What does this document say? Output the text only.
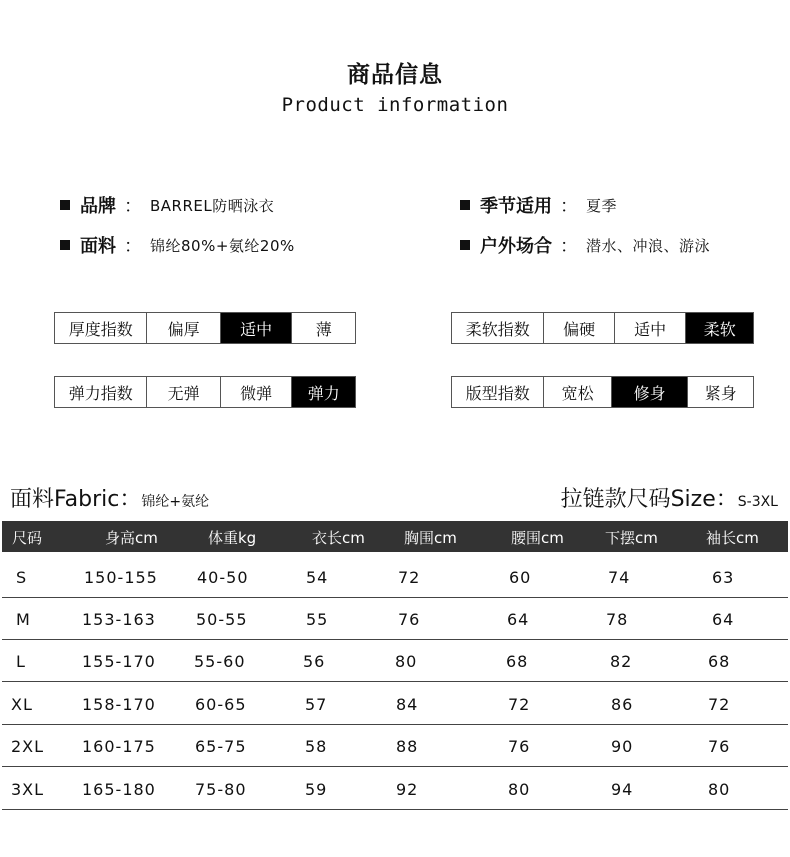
商品信息
Product information
品牌 ： BARREL防晒泳衣	季节适用 ： 夏季
面料 ： 锦纶80%+氨纶20%	户外场合 ： 潜水、冲浪、游泳
厚度指数	偏厚	适中	薄	柔软指数	偏硬	适中	柔软
弹力指数	无弹	微弹	弹力	版型指数	宽松	修身	紧身
面料Fabric：锦纶+氨纶	拉链款尺码Size：S-3XL
尺码	身高cm	体重kg	衣长cm	胸围cm	腰围cm	下摆cm	袖长cm
S	150-155 40-50	54	72	60	74	63
M	153-163	50-55	55	76	64	78	64
L	155-170 55-60	56	80	68	82	68
XL	158-170 60-65	57	84	72	86	72
2XL 160-175 65-75	58	88	76	90	76
3XL 165-180 75-80	59	92	80	94	80
